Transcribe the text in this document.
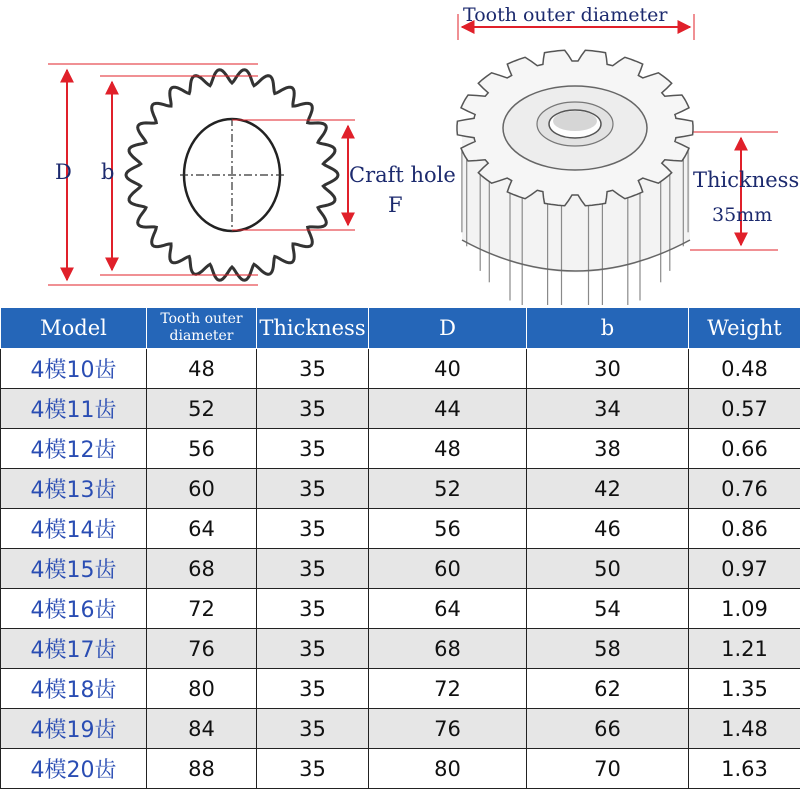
Tooth outer diameter
D b	Craft hole
F
Thickness
35mm
Model	Tooth outer diameter	Thickness	D	b	Weight
4模10齿	48	35	40	30	0.48
4模11齿	52	35	44	34	0.57
4模12齿	56	35	48	38	0.66
4模13齿	60	35	52	42	0.76
4模14齿	64	35	56	46	0.86
4模15齿	68	35	60	50	0.97
4模16齿	72	35	64	54	1.09
4模17齿	76	35	68	58	1.21
4模18齿	80	35	72	62	1.35
4模19齿	84	35	76	66	1.48
4模20齿	88	35	80	70	1.63
